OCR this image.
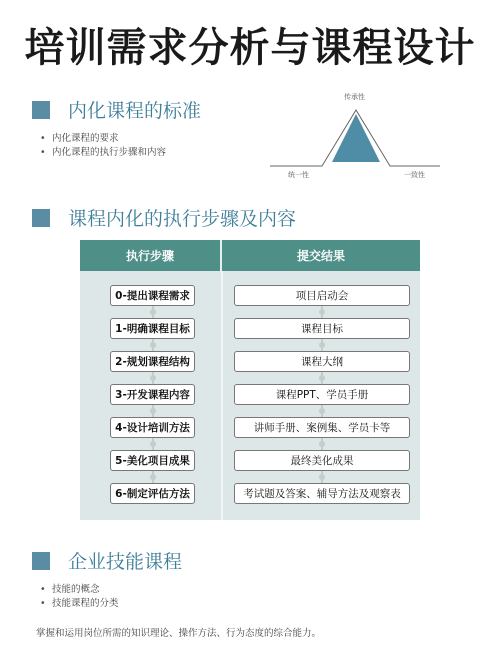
培训需求分析与课程设计
内化课程的标准
• 内化课程的要求
• 内化课程的执行步骤和内容
传承性
统一性	一致性
课程内化的执行步骤及内容
执行步骤	提交结果
0-提出课程需求	项目启动会
1-明确课程目标	课程目标
2-规划课程结构	课程大纲
3-开发课程内容	课程PPT、学员手册
4-设计培训方法	讲师手册、案例集、学员卡等
5-美化项目成果	最终美化成果
6-制定评估方法	考试题及答案、辅导方法及观察表
企业技能课程
• 技能的概念
• 技能课程的分类
掌握和运用岗位所需的知识理论、操作方法、行为态度的综合能力。
